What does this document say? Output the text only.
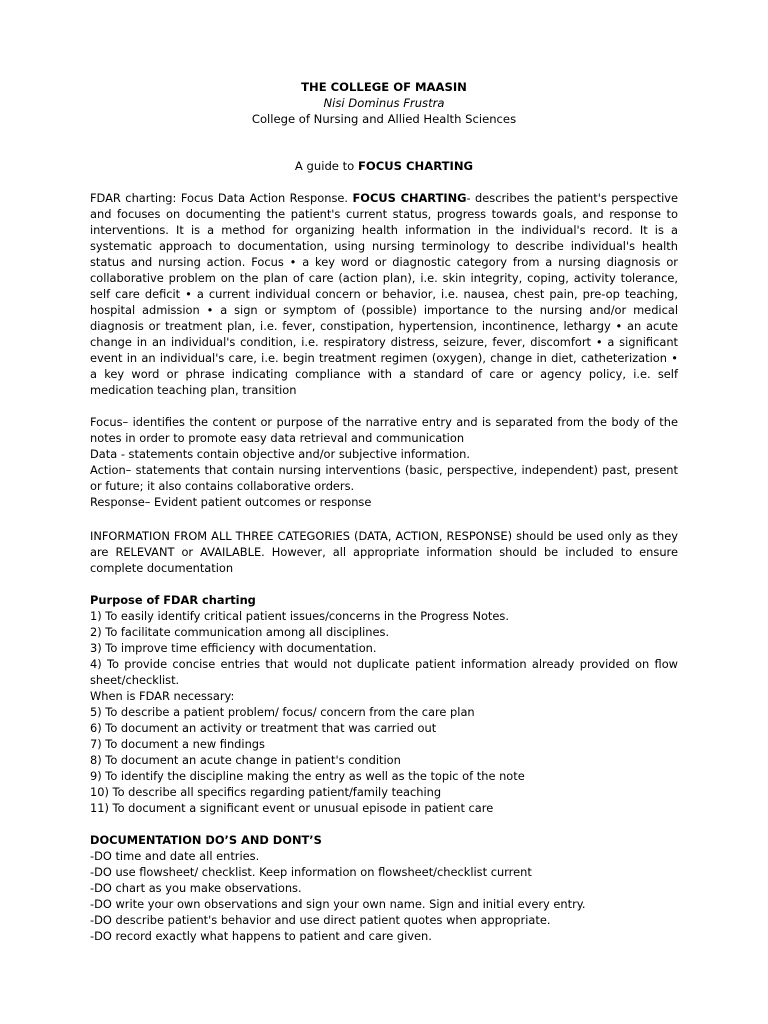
THE COLLEGE OF MAASIN
Nisi Dominus Frustra
College of Nursing and Allied Health Sciences
A guide to FOCUS CHARTING

FDAR charting: Focus Data Action Response. FOCUS CHARTING- describes the patient's perspective and focuses on documenting the patient's current status, progress towards goals, and response to interventions. It is a method for organizing health information in the individual's record. It is a systematic approach to documentation, using nursing terminology to describe individual's health status and nursing action. Focus • a key word or diagnostic category from a nursing diagnosis or collaborative problem on the plan of care (action plan), i.e. skin integrity, coping, activity tolerance, self care deficit • a current individual concern or behavior, i.e. nausea, chest pain, pre-op teaching, hospital admission • a sign or symptom of (possible) importance to the nursing and/or medical diagnosis or treatment plan, i.e. fever, constipation, hypertension, incontinence, lethargy • an acute change in an individual's condition, i.e. respiratory distress, seizure, fever, discomfort • a significant event in an individual's care, i.e. begin treatment regimen (oxygen), change in diet, catheterization • a key word or phrase indicating compliance with a standard of care or agency policy, i.e. self medication teaching plan, transition

Focus– identifies the content or purpose of the narrative entry and is separated from the body of the notes in order to promote easy data retrieval and communication

Data - statements contain objective and/or subjective information.

Action– statements that contain nursing interventions (basic, perspective, independent) past, present or future; it also contains collaborative orders.

Response– Evident patient outcomes or response

INFORMATION FROM ALL THREE CATEGORIES (DATA, ACTION, RESPONSE) should be used only as they are RELEVANT or AVAILABLE. However, all appropriate information should be included to ensure complete documentation

Purpose of FDAR charting

1) To easily identify critical patient issues/concerns in the Progress Notes.

2) To facilitate communication among all disciplines.

3) To improve time efficiency with documentation.

4) To provide concise entries that would not duplicate patient information already provided on flow sheet/checklist.

When is FDAR necessary:

5) To describe a patient problem/ focus/ concern from the care plan

6) To document an activity or treatment that was carried out

7) To document a new findings

8) To document an acute change in patient's condition

9) To identify the discipline making the entry as well as the topic of the note

10) To describe all specifics regarding patient/family teaching

11) To document a significant event or unusual episode in patient care

DOCUMENTATION DO’S AND DONT’S

-DO time and date all entries.

-DO use flowsheet/ checklist. Keep information on flowsheet/checklist current

-DO chart as you make observations.

-DO write your own observations and sign your own name. Sign and initial every entry.

-DO describe patient's behavior and use direct patient quotes when appropriate.

-DO record exactly what happens to patient and care given.
